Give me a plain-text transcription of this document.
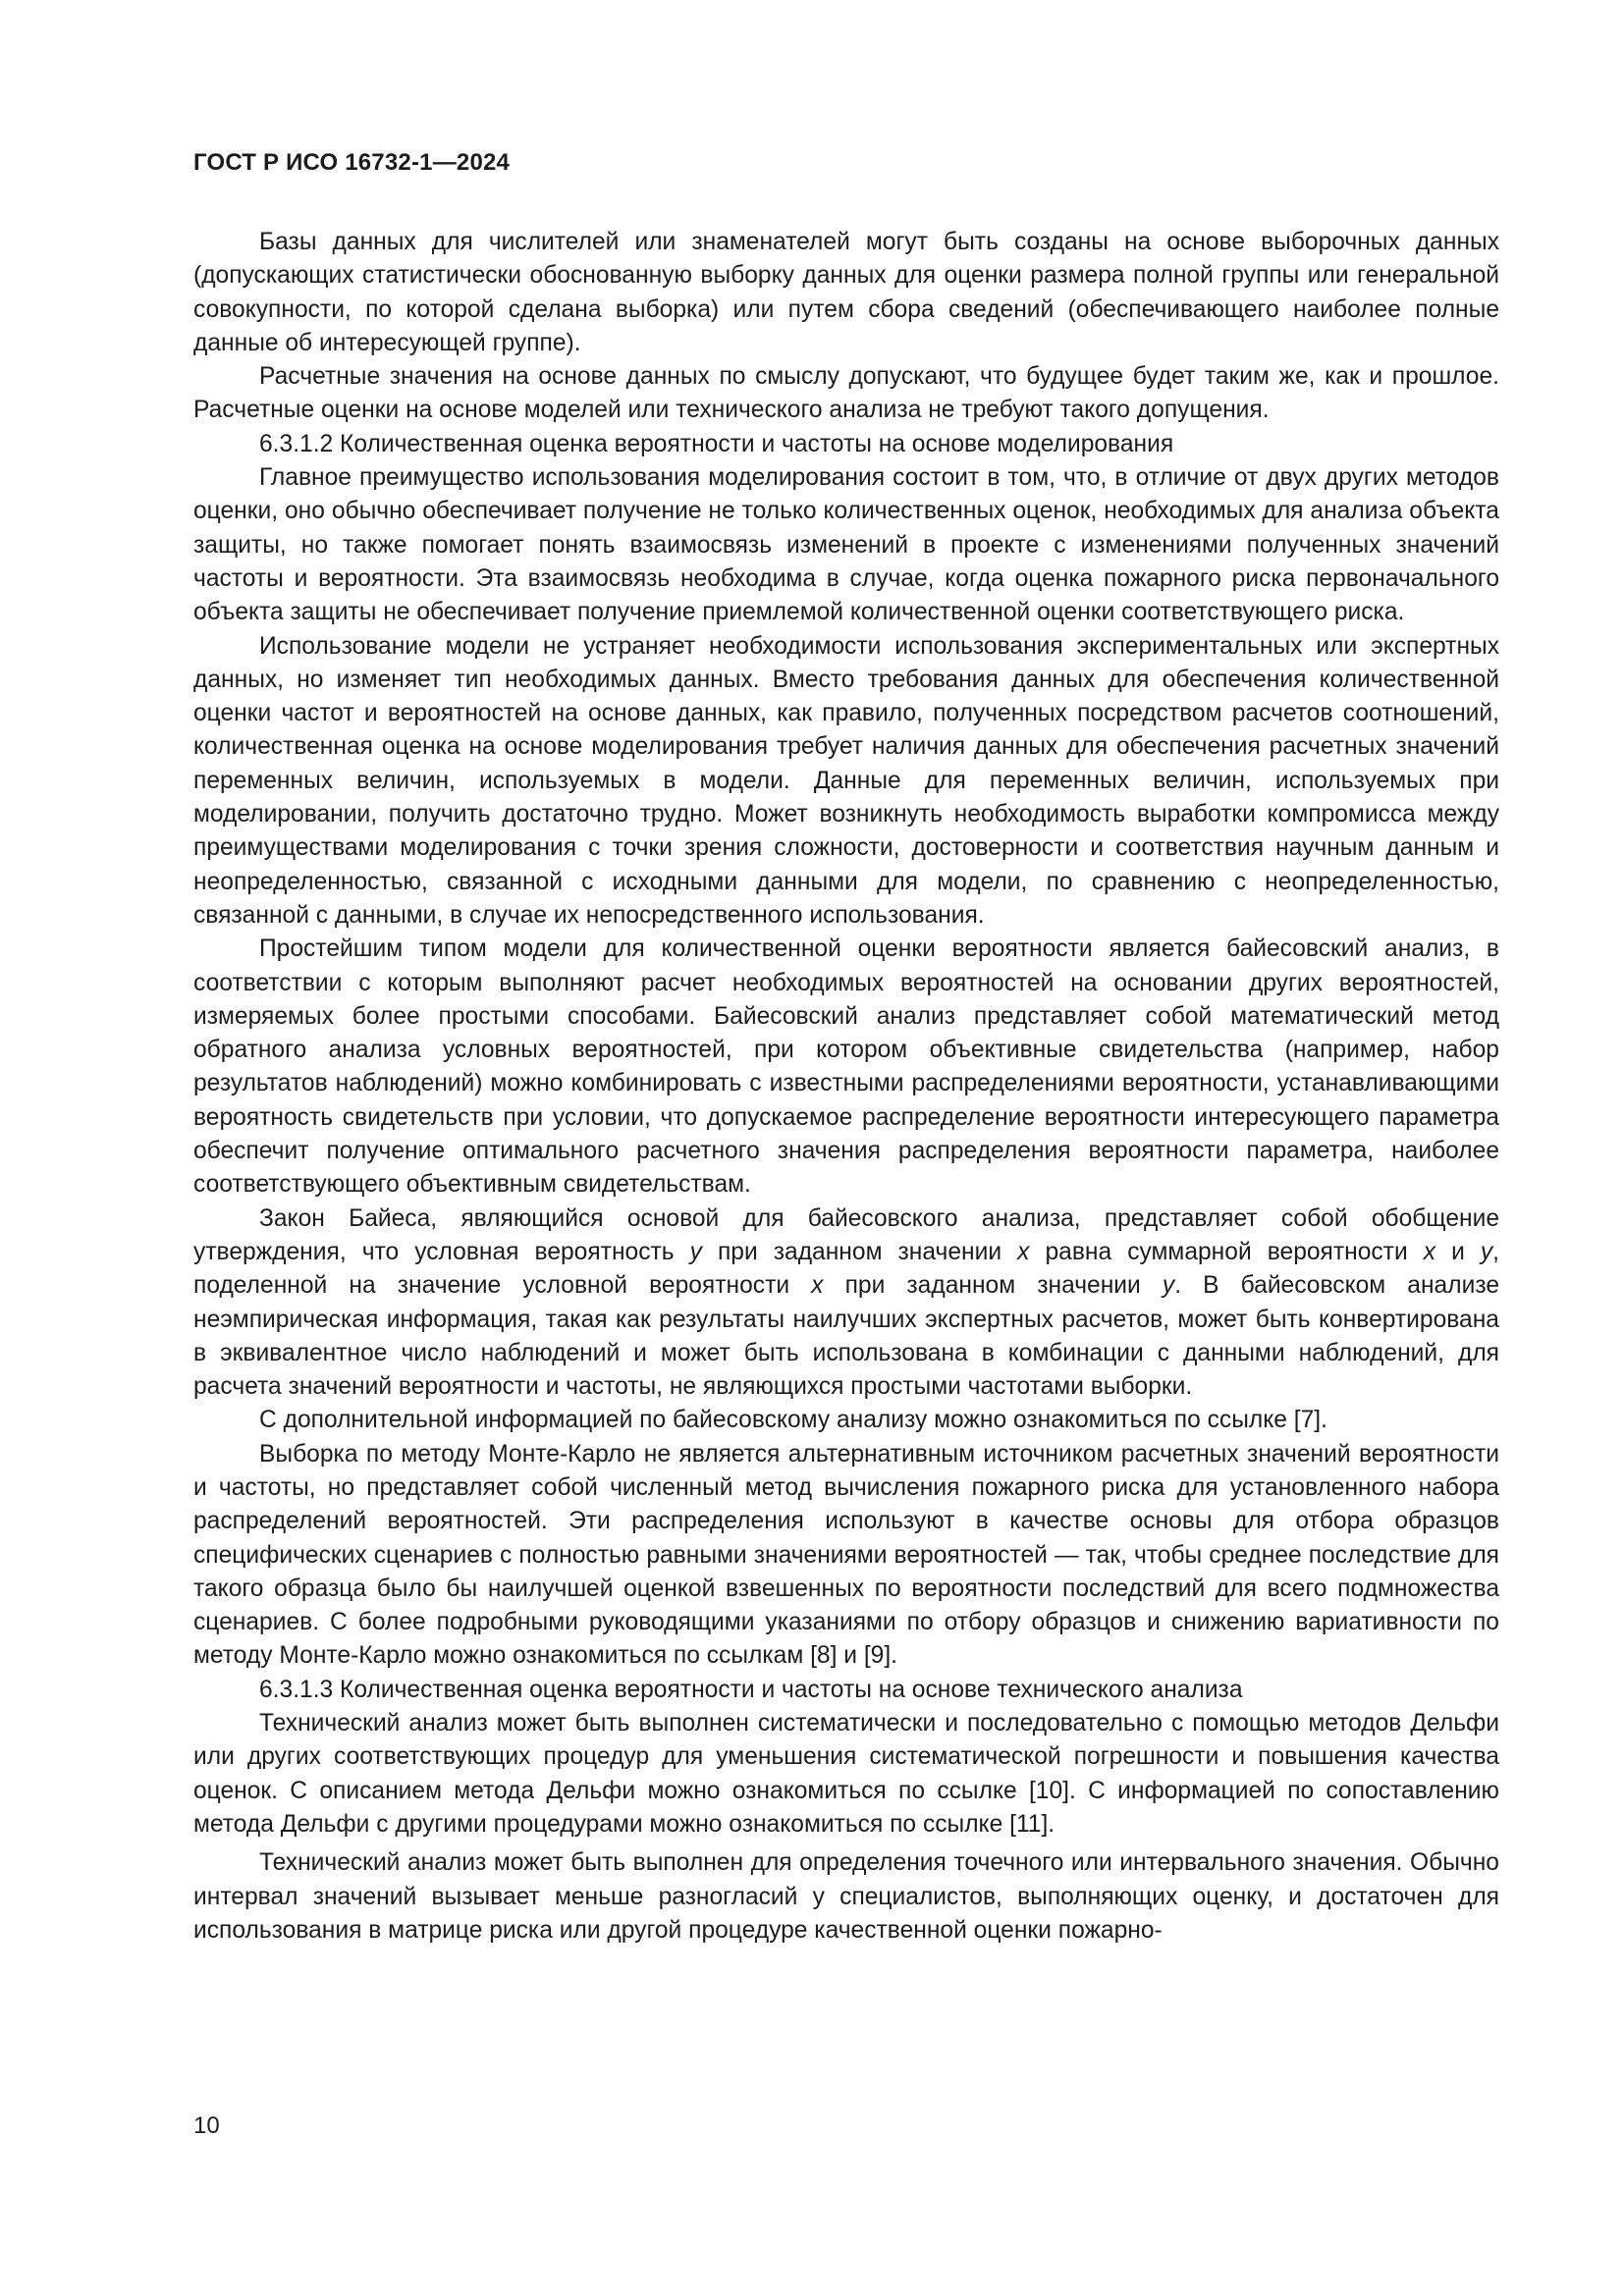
ГОСТ Р ИСО 16732-1—2024

Базы данных для числителей или знаменателей могут быть созданы на основе выборочных данных (допускающих статистически обоснованную выборку данных для оценки размера полной группы или генеральной совокупности, по которой сделана выборка) или путем сбора сведений (обеспечивающего наиболее полные данные об интересующей группе).

Расчетные значения на основе данных по смыслу допускают, что будущее будет таким же, как и прошлое. Расчетные оценки на основе моделей или технического анализа не требуют такого допущения.

6.3.1.2 Количественная оценка вероятности и частоты на основе моделирования

Главное преимущество использования моделирования состоит в том, что, в отличие от двух других методов оценки, оно обычно обеспечивает получение не только количественных оценок, необходимых для анализа объекта защиты, но также помогает понять взаимосвязь изменений в проекте с изменениями полученных значений частоты и вероятности. Эта взаимосвязь необходима в случае, когда оценка пожарного риска первоначального объекта защиты не обеспечивает получение приемлемой количественной оценки соответствующего риска.

Использование модели не устраняет необходимости использования экспериментальных или экспертных данных, но изменяет тип необходимых данных. Вместо требования данных для обеспечения количественной оценки частот и вероятностей на основе данных, как правило, полученных посредством расчетов соотношений, количественная оценка на основе моделирования требует наличия данных для обеспечения расчетных значений переменных величин, используемых в модели. Данные для переменных величин, используемых при моделировании, получить достаточно трудно. Может возникнуть необходимость выработки компромисса между преимуществами моделирования с точки зрения сложности, достоверности и соответствия научным данным и неопределенностью, связанной с исходными данными для модели, по сравнению с неопределенностью, связанной с данными, в случае их непосредственного использования.

Простейшим типом модели для количественной оценки вероятности является байесовский анализ, в соответствии с которым выполняют расчет необходимых вероятностей на основании других вероятностей, измеряемых более простыми способами. Байесовский анализ представляет собой математический метод обратного анализа условных вероятностей, при котором объективные свидетельства (например, набор результатов наблюдений) можно комбинировать с известными распределениями вероятности, устанавливающими вероятность свидетельств при условии, что допускаемое распределение вероятности интересующего параметра обеспечит получение оптимального расчетного значения распределения вероятности параметра, наиболее соответствующего объективным свидетельствам.

Закон Байеса, являющийся основой для байесовского анализа, представляет собой обобщение утверждения, что условная вероятность y при заданном значении x равна суммарной вероятности x и y, поделенной на значение условной вероятности x при заданном значении y. В байесовском анализе неэмпирическая информация, такая как результаты наилучших экспертных расчетов, может быть конвертирована в эквивалентное число наблюдений и может быть использована в комбинации с данными наблюдений, для расчета значений вероятности и частоты, не являющихся простыми частотами выборки.

С дополнительной информацией по байесовскому анализу можно ознакомиться по ссылке [7].

Выборка по методу Монте-Карло не является альтернативным источником расчетных значений вероятности и частоты, но представляет собой численный метод вычисления пожарного риска для установленного набора распределений вероятностей. Эти распределения используют в качестве основы для отбора образцов специфических сценариев с полностью равными значениями вероятностей — так, чтобы среднее последствие для такого образца было бы наилучшей оценкой взвешенных по вероятности последствий для всего подмножества сценариев. С более подробными руководящими указаниями по отбору образцов и снижению вариативности по методу Монте-Карло можно ознакомиться по ссылкам [8] и [9].

6.3.1.3 Количественная оценка вероятности и частоты на основе технического анализа

Технический анализ может быть выполнен систематически и последовательно с помощью методов Дельфи или других соответствующих процедур для уменьшения систематической погрешности и повышения качества оценок. С описанием метода Дельфи можно ознакомиться по ссылке [10]. С информацией по сопоставлению метода Дельфи с другими процедурами можно ознакомиться по ссылке [11].

Технический анализ может быть выполнен для определения точечного или интервального значения. Обычно интервал значений вызывает меньше разногласий у специалистов, выполняющих оценку, и достаточен для использования в матрице риска или другой процедуре качественной оценки пожарно-

10
